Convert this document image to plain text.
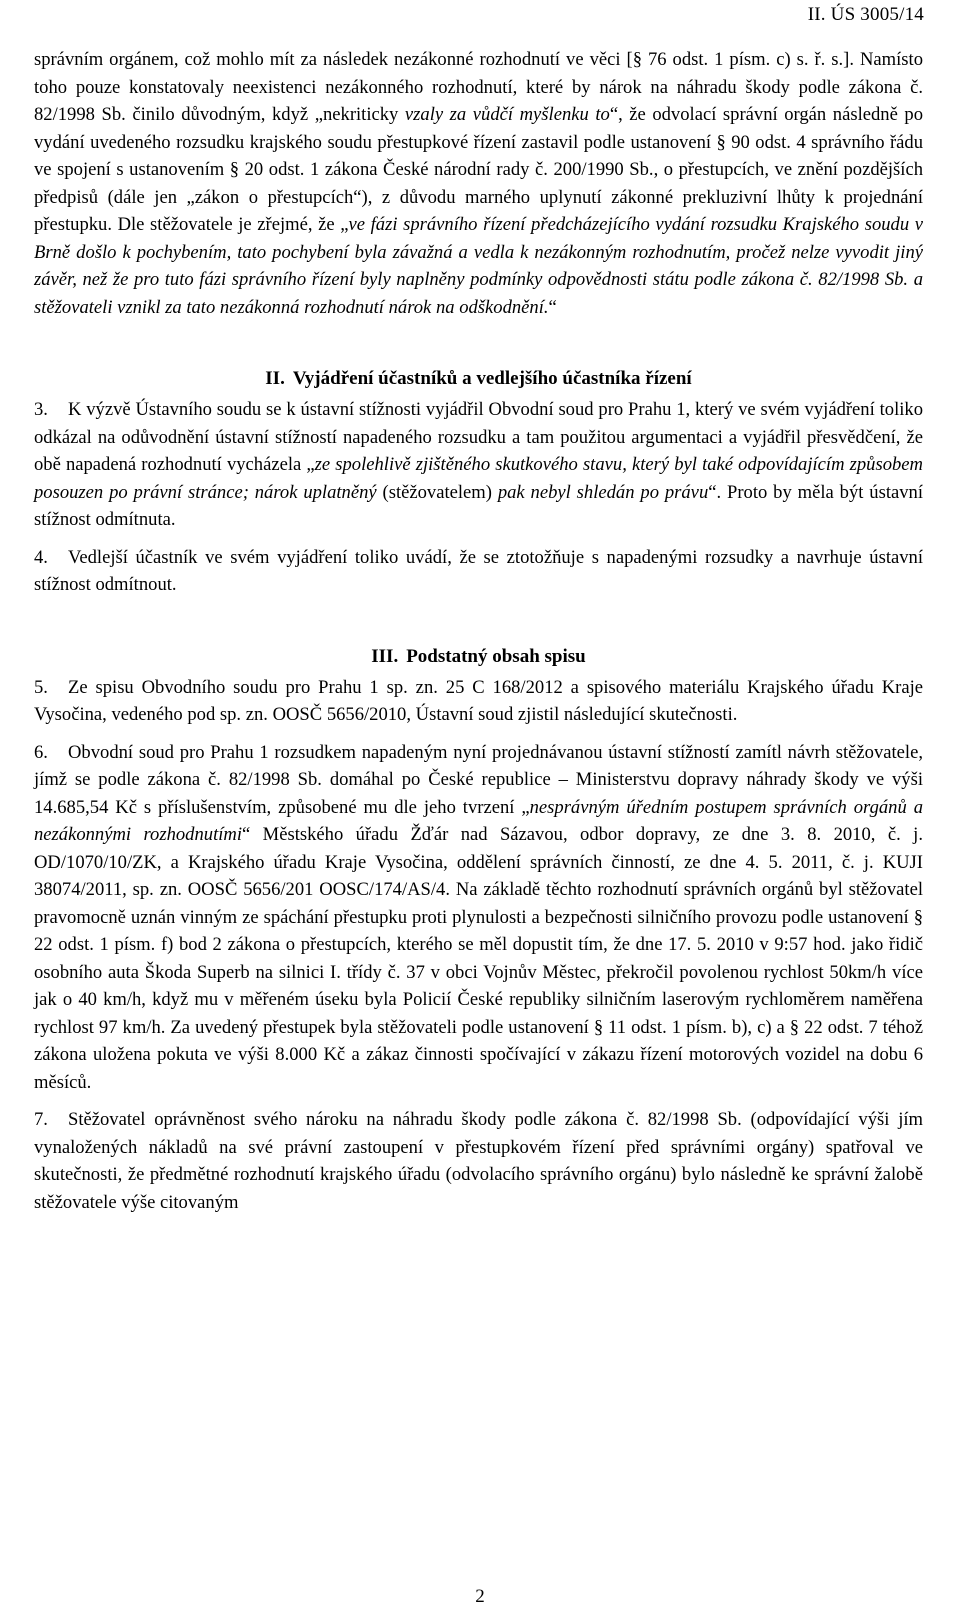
II. ÚS 3005/14

správním orgánem, což mohlo mít za následek nezákonné rozhodnutí ve věci [§ 76 odst. 1 písm. c) s. ř. s.]. Namísto toho pouze konstatovaly neexistenci nezákonného rozhodnutí, které by nárok na náhradu škody podle zákona č. 82/1998 Sb. činilo důvodným, když „nekriticky vzaly za vůdčí myšlenku to“, že odvolací správní orgán následně po vydání uvedeného rozsudku krajského soudu přestupkové řízení zastavil podle ustanovení § 90 odst. 4 správního řádu ve spojení s ustanovením § 20 odst. 1 zákona České národní rady č. 200/1990 Sb., o přestupcích, ve znění pozdějších předpisů (dále jen „zákon o přestupcích“), z důvodu marného uplynutí zákonné prekluzivní lhůty k projednání přestupku. Dle stěžovatele je zřejmé, že „ve fázi správního řízení předcházejícího vydání rozsudku Krajského soudu v Brně došlo k pochybením, tato pochybení byla závažná a vedla k nezákonným rozhodnutím, pročež nelze vyvodit jiný závěr, než že pro tuto fázi správního řízení byly naplněny podmínky odpovědnosti státu podle zákona č. 82/1998 Sb. a stěžovateli vznikl za tato nezákonná rozhodnutí nárok na odškodnění.“

II. Vyjádření účastníků a vedlejšího účastníka řízení

3. K výzvě Ústavního soudu se k ústavní stížnosti vyjádřil Obvodní soud pro Prahu 1, který ve svém vyjádření toliko odkázal na odůvodnění ústavní stížností napadeného rozsudku a tam použitou argumentaci a vyjádřil přesvědčení, že obě napadená rozhodnutí vycházela „ze spolehlivě zjištěného skutkového stavu, který byl také odpovídajícím způsobem posouzen po právní stránce; nárok uplatněný (stěžovatelem) pak nebyl shledán po právu“. Proto by měla být ústavní stížnost odmítnuta.

4. Vedlejší účastník ve svém vyjádření toliko uvádí, že se ztotožňuje s napadenými rozsudky a navrhuje ústavní stížnost odmítnout.

III. Podstatný obsah spisu

5. Ze spisu Obvodního soudu pro Prahu 1 sp. zn. 25 C 168/2012 a spisového materiálu Krajského úřadu Kraje Vysočina, vedeného pod sp. zn. OOSČ 5656/2010, Ústavní soud zjistil následující skutečnosti.

6. Obvodní soud pro Prahu 1 rozsudkem napadeným nyní projednávanou ústavní stížností zamítl návrh stěžovatele, jímž se podle zákona č. 82/1998 Sb. domáhal po České republice – Ministerstvu dopravy náhrady škody ve výši 14.685,54 Kč s příslušenstvím, způsobené mu dle jeho tvrzení „nesprávným úředním postupem správních orgánů a nezákonnými rozhodnutími“ Městského úřadu Žďár nad Sázavou, odbor dopravy, ze dne 3. 8. 2010, č. j. OD/1070/10/ZK, a Krajského úřadu Kraje Vysočina, oddělení správních činností, ze dne 4. 5. 2011, č. j. KUJI 38074/2011, sp. zn. OOSČ 5656/201 OOSC/174/AS/4. Na základě těchto rozhodnutí správních orgánů byl stěžovatel pravomocně uznán vinným ze spáchání přestupku proti plynulosti a bezpečnosti silničního provozu podle ustanovení § 22 odst. 1 písm. f) bod 2 zákona o přestupcích, kterého se měl dopustit tím, že dne 17. 5. 2010 v 9:57 hod. jako řidič osobního auta Škoda Superb na silnici I. třídy č. 37 v obci Vojnův Městec, překročil povolenou rychlost 50km/h více jak o 40 km/h, když mu v měřeném úseku byla Policií České republiky silničním laserovým rychloměrem naměřena rychlost 97 km/h. Za uvedený přestupek byla stěžovateli podle ustanovení § 11 odst. 1 písm. b), c) a § 22 odst. 7 téhož zákona uložena pokuta ve výši 8.000 Kč a zákaz činnosti spočívající v zákazu řízení motorových vozidel na dobu 6 měsíců.

7. Stěžovatel oprávněnost svého nároku na náhradu škody podle zákona č. 82/1998 Sb. (odpovídající výši jím vynaložených nákladů na své právní zastoupení v přestupkovém řízení před správními orgány) spatřoval ve skutečnosti, že předmětné rozhodnutí krajského úřadu (odvolacího správního orgánu) bylo následně ke správní žalobě stěžovatele výše citovaným

2
